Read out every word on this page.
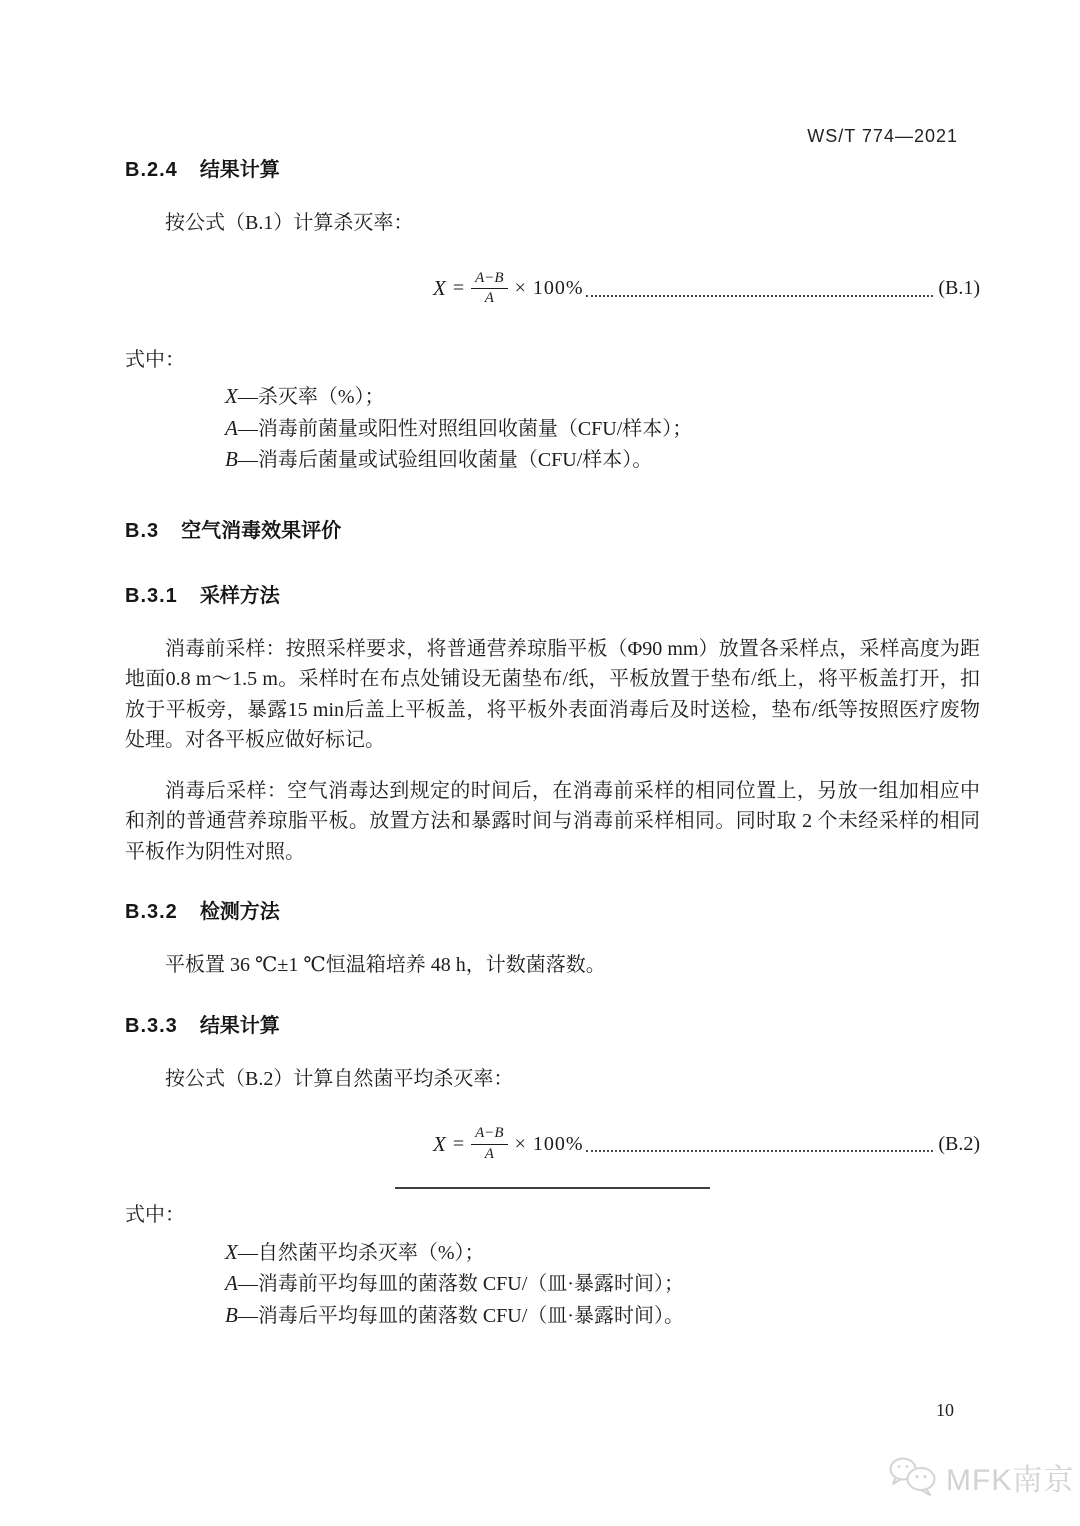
WS/T 774—2021
B.2.4 结果计算
按公式（B.1）计算杀灭率：
$X = \frac{A-B}{A} \times 100\%$	(B.1)
式中：
X—杀灭率（%）；
A—消毒前菌量或阳性对照组回收菌量（CFU/样本）；
B—消毒后菌量或试验组回收菌量（CFU/样本）。
B.3 空气消毒效果评价
B.3.1 采样方法
消毒前采样：按照采样要求，将普通营养琼脂平板（Φ90 mm）放置各采样点，采样高度为距地面0.8 m～1.5 m。采样时在布点处铺设无菌垫布/纸，平板放置于垫布/纸上，将平板盖打开，扣放于平板旁，暴露15 min后盖上平板盖，将平板外表面消毒后及时送检，垫布/纸等按照医疗废物处理。对各平板应做好标记。
消毒后采样：空气消毒达到规定的时间后，在消毒前采样的相同位置上，另放一组加相应中和剂的普通营养琼脂平板。放置方法和暴露时间与消毒前采样相同。同时取 2 个未经采样的相同平板作为阴性对照。
B.3.2 检测方法
平板置 36 ℃±1 ℃恒温箱培养 48 h，计数菌落数。
B.3.3 结果计算
按公式（B.2）计算自然菌平均杀灭率：
$X = \frac{A-B}{A} \times 100\%$	(B.2)
式中：
X—自然菌平均杀灭率（%）；
A—消毒前平均每皿的菌落数 CFU/（皿·暴露时间）；
B—消毒后平均每皿的菌落数 CFU/（皿·暴露时间）。
10
MFK南京
